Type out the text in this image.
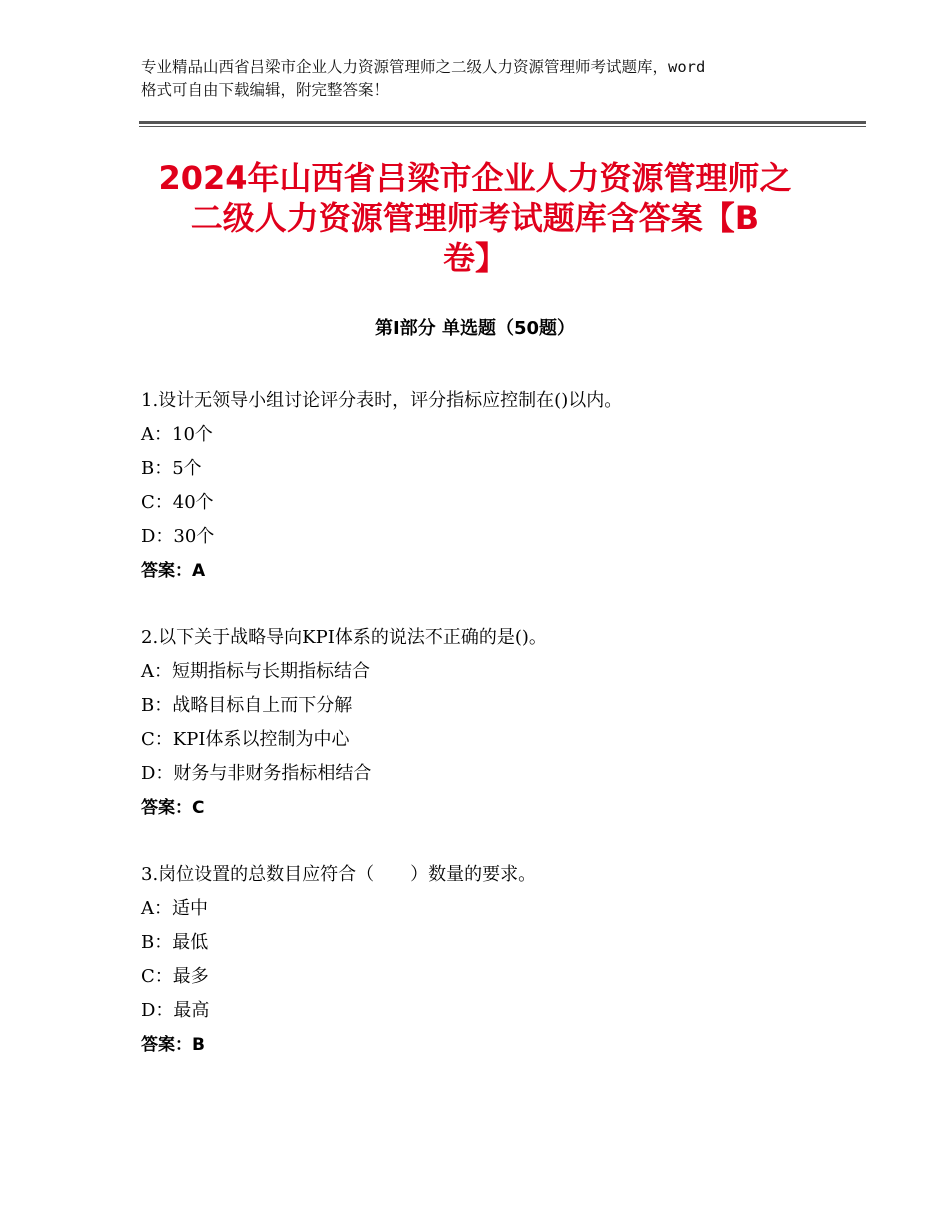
专业精品山西省吕梁市企业人力资源管理师之二级人力资源管理师考试题库，word
格式可自由下载编辑，附完整答案！
2024年山西省吕梁市企业人力资源管理师之
二级人力资源管理师考试题库含答案【B
卷】
第Ⅰ部分 单选题（50题）
1.设计无领导小组讨论评分表时，评分指标应控制在()以内。
A：10个
B：5个
C：40个
D：30个
答案：A
2.以下关于战略导向KPI体系的说法不正确的是()。
A：短期指标与长期指标结合
B：战略目标自上而下分解
C：KPI体系以控制为中心
D：财务与非财务指标相结合
答案：C
3.岗位设置的总数目应符合（　　）数量的要求。
A：适中
B：最低
C：最多
D：最高
答案：B
